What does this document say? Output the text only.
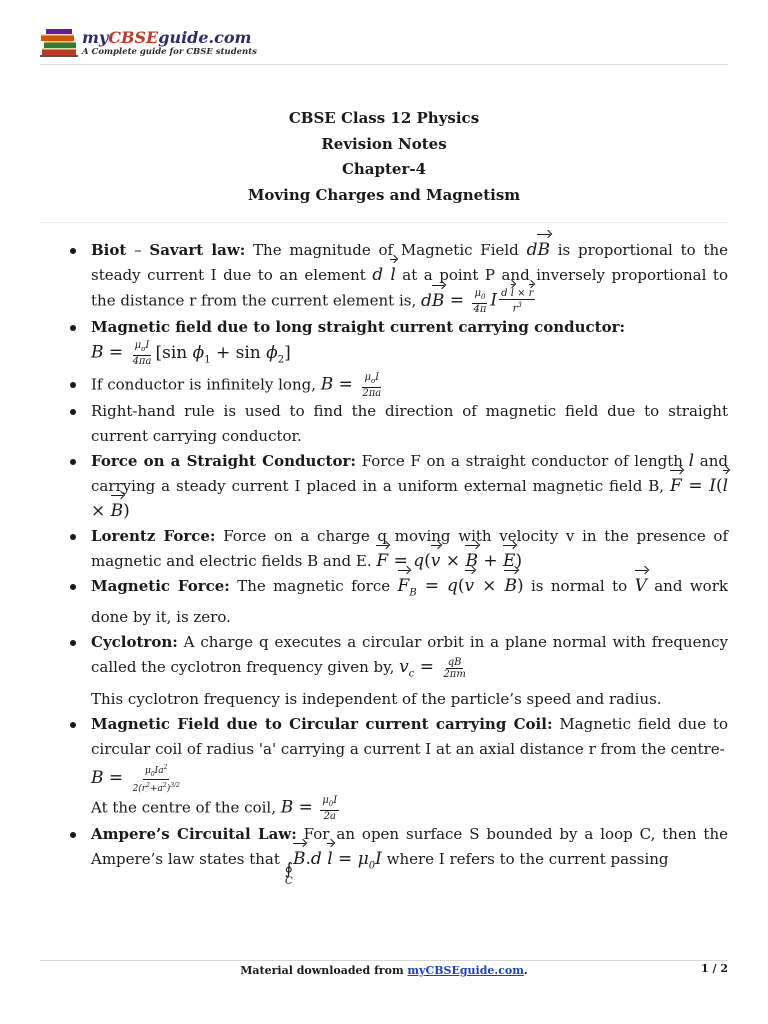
myCBSEguide.com
A Complete guide for CBSE students
CBSE Class 12 Physics
Revision Notes
Chapter-4
Moving Charges and Magnetism
Biot – Savart law: The magnitude of Magnetic Field dB is proportional to the steady current I due to an element d l at a point P and inversely proportional to the distance r from the current element is, dB = $\frac{\mu_0}{4\pi}$ I $\frac{\text{d l × r}}{r^3}$
Magnetic field due to long straight current carrying conductor:
$B = \frac{\mu_oI}{4\pi a} [\sin$ $\phi_1 + \sin \phi_2$]
If conductor is infinitely long, $B = \frac{\mu_oI}{2\pi a}$
Right-hand rule is used to find the direction of magnetic field due to straight current carrying conductor.
Force on a Straight Conductor: Force F on a straight conductor of length l and carrying a steady current I placed in a uniform external magnetic field B, F = I(l × B)
Lorentz Force: Force on a charge q moving with velocity v in the presence of magnetic and electric fields B and E. F = q(v × B + E)
Magnetic Force: The magnetic force $F_B = q(v \times B)$ is normal to V and work done by it, is zero.
Cyclotron: A charge q executes a circular orbit in a plane normal with frequency called the cyclotron frequency given by, $v_c = \frac{qB}{2\pi m}$
This cyclotron frequency is independent of the particle’s speed and radius.
Magnetic Field due to Circular current carrying Coil: Magnetic field due to circular coil of radius 'a' carrying a current I at an axial distance r from the centre-
$B = \frac{\mu_0Ia^2}{2(r^2+a^2)^{3/2}}$
At the centre of the coil, $B = \frac{\mu_0I}{2a}$
Ampere’s Circuital Law: For an open surface S bounded by a loop C, then the Ampere’s law states that ∮
C
B.d $l = \mu_0I$ where I refers to the current passing
Material downloaded from myCBSEguide.com.	1 / 2
